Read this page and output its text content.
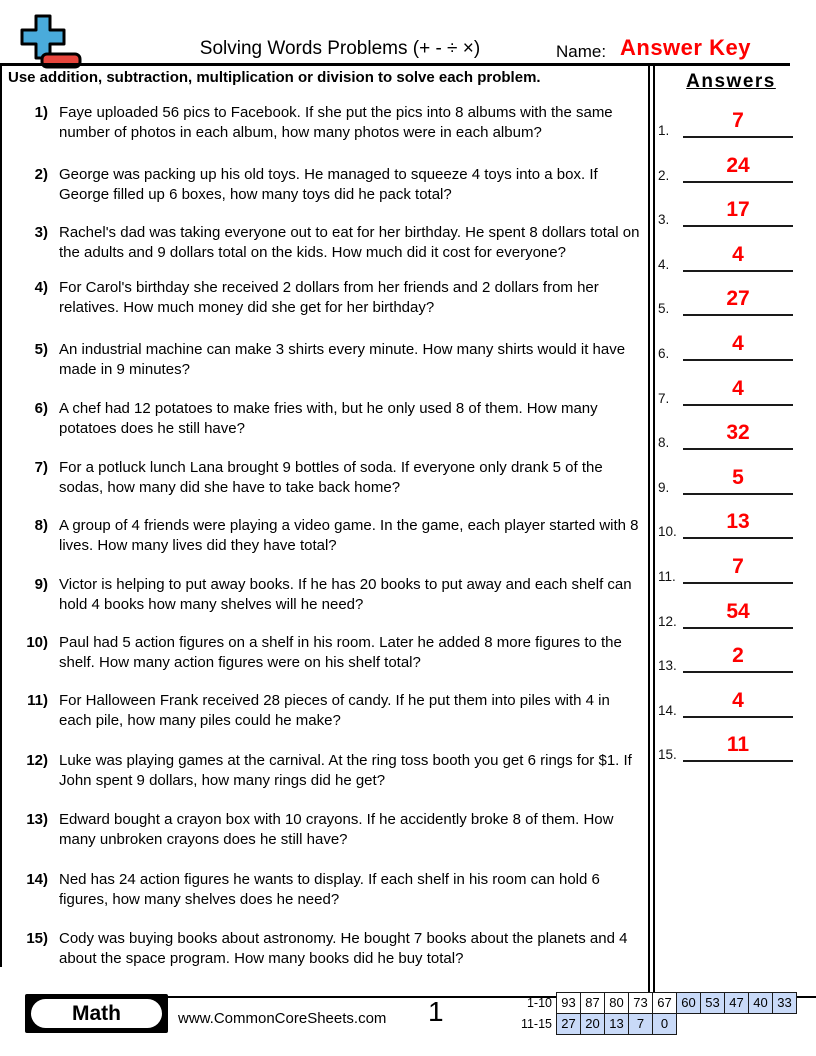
Solving Words Problems (+ - ÷ ×)	Name: Answer Key
Use addition, subtraction, multiplication or division to solve each problem.
1) Faye uploaded 56 pics to Facebook. If she put the pics into 8 albums with the same number of photos in each album, how many photos were in each album?
2) George was packing up his old toys. He managed to squeeze 4 toys into a box. If George filled up 6 boxes, how many toys did he pack total?
3) Rachel's dad was taking everyone out to eat for her birthday. He spent 8 dollars total on the adults and 9 dollars total on the kids. How much did it cost for everyone?
4) For Carol's birthday she received 2 dollars from her friends and 2 dollars from her relatives. How much money did she get for her birthday?
5) An industrial machine can make 3 shirts every minute. How many shirts would it have made in 9 minutes?
6) A chef had 12 potatoes to make fries with, but he only used 8 of them. How many potatoes does he still have?
7) For a potluck lunch Lana brought 9 bottles of soda. If everyone only drank 5 of the sodas, how many did she have to take back home?
8) A group of 4 friends were playing a video game. In the game, each player started with 8 lives. How many lives did they have total?
9) Victor is helping to put away books. If he has 20 books to put away and each shelf can hold 4 books how many shelves will he need?
10) Paul had 5 action figures on a shelf in his room. Later he added 8 more figures to the shelf. How many action figures were on his shelf total?
11) For Halloween Frank received 28 pieces of candy. If he put them into piles with 4 in each pile, how many piles could he make?
12) Luke was playing games at the carnival. At the ring toss booth you get 6 rings for $1. If John spent 9 dollars, how many rings did he get?
13) Edward bought a crayon box with 10 crayons. If he accidently broke 8 of them. How many unbroken crayons does he still have?
14) Ned has 24 action figures he wants to display. If each shelf in his room can hold 6 figures, how many shelves does he need?
15) Cody was buying books about astronomy. He bought 7 books about the planets and 4 about the space program. How many books did he buy total?
Answers
1.	7
2.	24
3.	17
4.	4
5.	27
6.	4
7.	4
8.	32
9.	5
10.	13
11.	7
12.	54
13.	2
14.	4
15.	11
Math	www.CommonCoreSheets.com 1	1-10 93 87 80 73 67 60 53 47 40 33
11-15 27 20 13	7	0
